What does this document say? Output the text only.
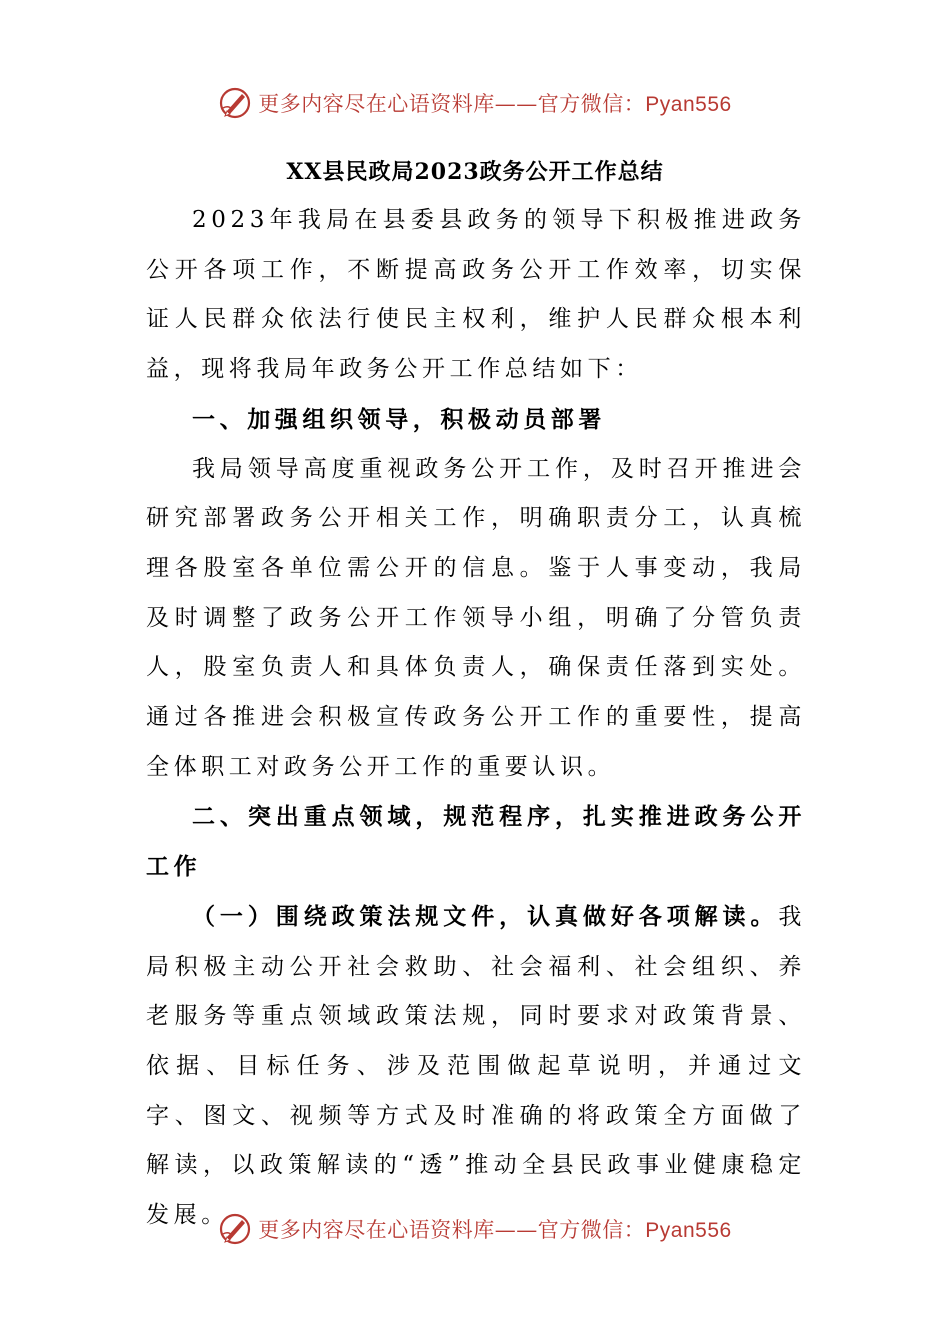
更多内容尽在心语资料库——官方微信：Pyan556
XX县民政局2023政务公开工作总结

2023年我局在县委县政务的领导下积极推进政务公开各项工作，不断提高政务公开工作效率，切实保证人民群众依法行使民主权利，维护人民群众根本利益，现将我局年政务公开工作总结如下：

一、加强组织领导，积极动员部署

我局领导高度重视政务公开工作，及时召开推进会研究部署政务公开相关工作，明确职责分工，认真梳理各股室各单位需公开的信息。鉴于人事变动，我局及时调整了政务公开工作领导小组，明确了分管负责人，股室负责人和具体负责人，确保责任落到实处。通过各推进会积极宣传政务公开工作的重要性，提高全体职工对政务公开工作的重要认识。

二、突出重点领域，规范程序，扎实推进政务公开工作

（一）围绕政策法规文件，认真做好各项解读。我局积极主动公开社会救助、社会福利、社会组织、养老服务等重点领域政策法规，同时要求对政策背景、依据、目标任务、涉及范围做起草说明，并通过文字、图文、视频等方式及时准确的将政策全方面做了解读，以政策解读的“透”推动全县民政事业健康稳定发展。

更多内容尽在心语资料库——官方微信：Pyan556
